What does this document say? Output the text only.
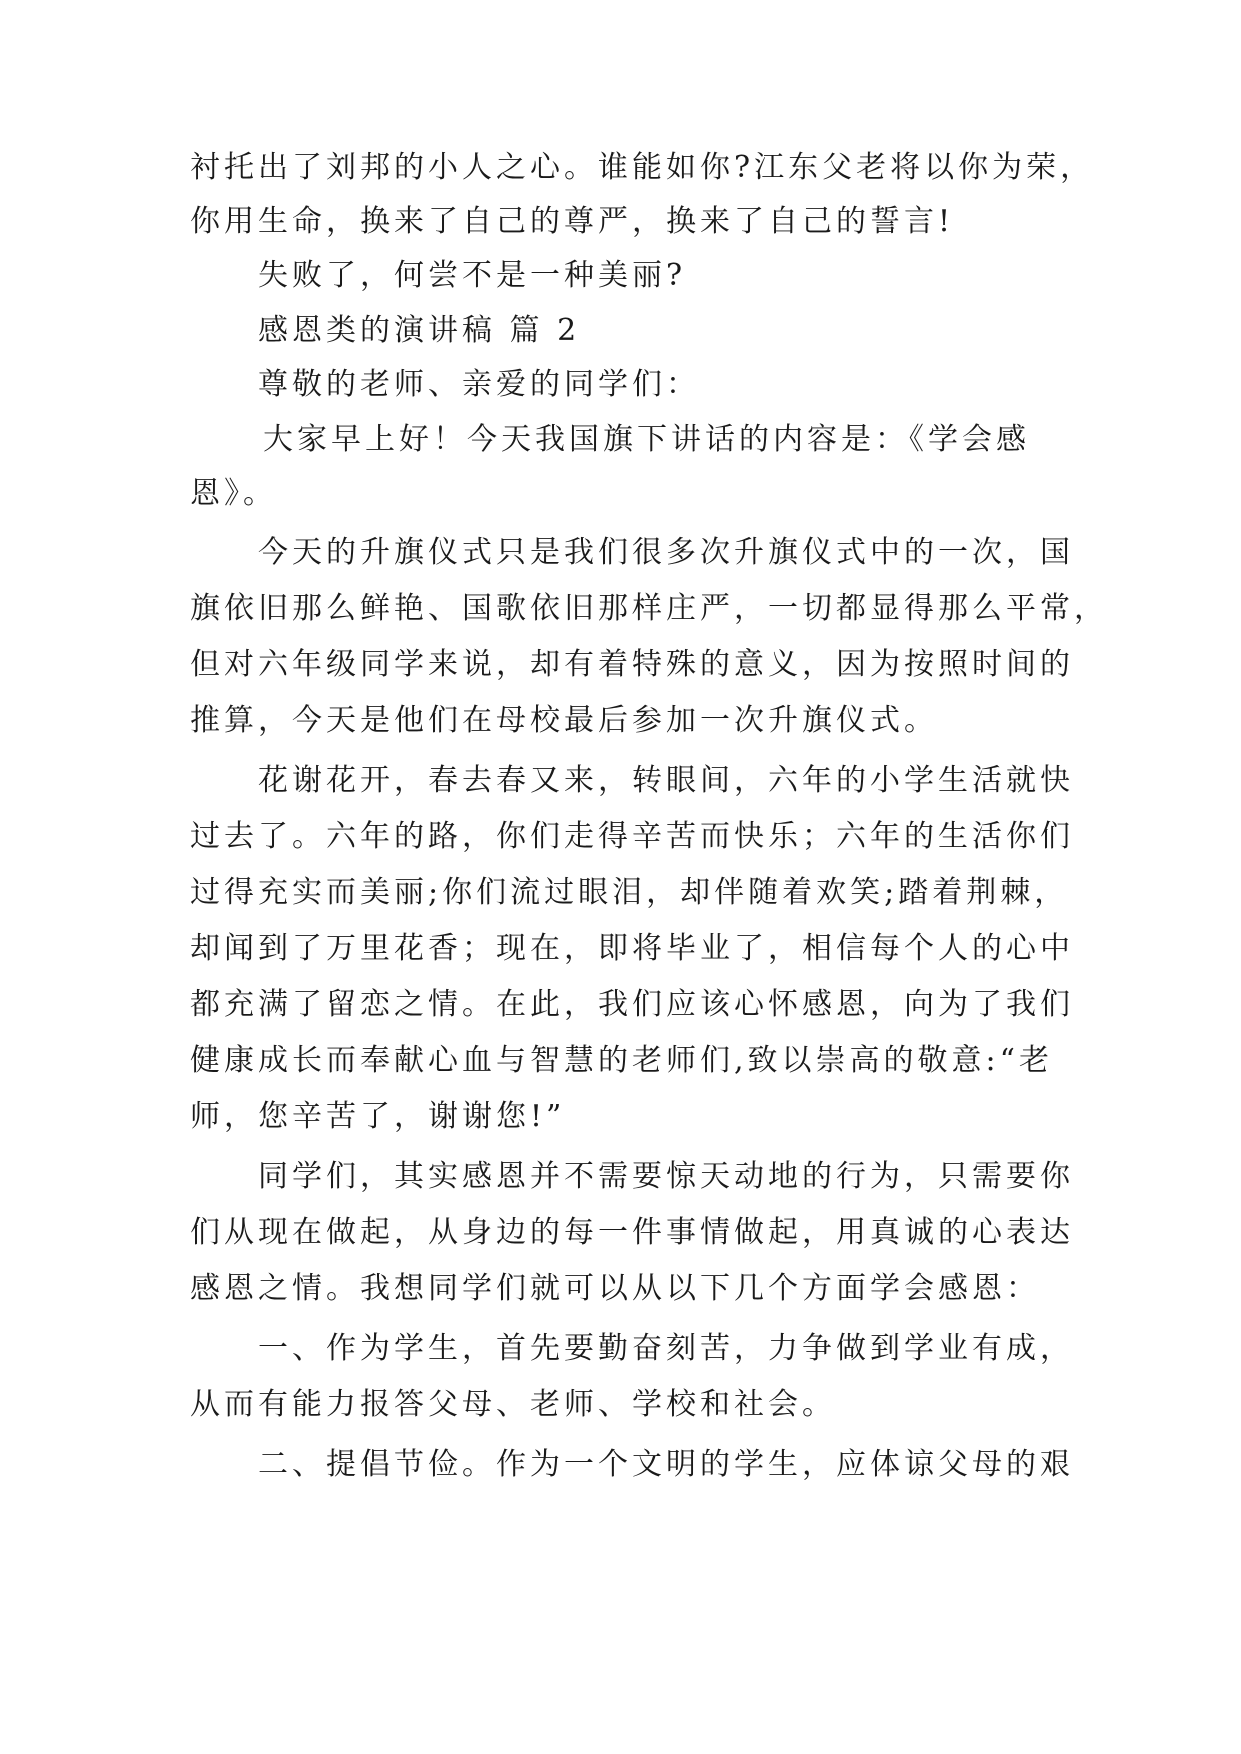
衬托出了刘邦的小人之心。谁能如你?江东父老将以你为荣，
你用生命，换来了自己的尊严，换来了自己的誓言!
失败了，何尝不是一种美丽?
感恩类的演讲稿 篇 2
尊敬的老师、亲爱的同学们：
大家早上好！今天我国旗下讲话的内容是：《学会感
恩》。
今天的升旗仪式只是我们很多次升旗仪式中的一次，国
旗依旧那么鲜艳、国歌依旧那样庄严，一切都显得那么平常，
但对六年级同学来说，却有着特殊的意义，因为按照时间的
推算，今天是他们在母校最后参加一次升旗仪式。
花谢花开，春去春又来，转眼间，六年的小学生活就快
过去了。六年的路，你们走得辛苦而快乐；六年的生活你们
过得充实而美丽;你们流过眼泪，却伴随着欢笑;踏着荆棘，
却闻到了万里花香；现在，即将毕业了，相信每个人的心中
都充满了留恋之情。在此，我们应该心怀感恩，向为了我们
健康成长而奉献心血与智慧的老师们,致以崇高的敬意:“老
师，您辛苦了，谢谢您!”
同学们，其实感恩并不需要惊天动地的行为，只需要你
们从现在做起，从身边的每一件事情做起，用真诚的心表达
感恩之情。我想同学们就可以从以下几个方面学会感恩：
一、作为学生，首先要勤奋刻苦，力争做到学业有成，
从而有能力报答父母、老师、学校和社会。
二、提倡节俭。作为一个文明的学生，应体谅父母的艰
